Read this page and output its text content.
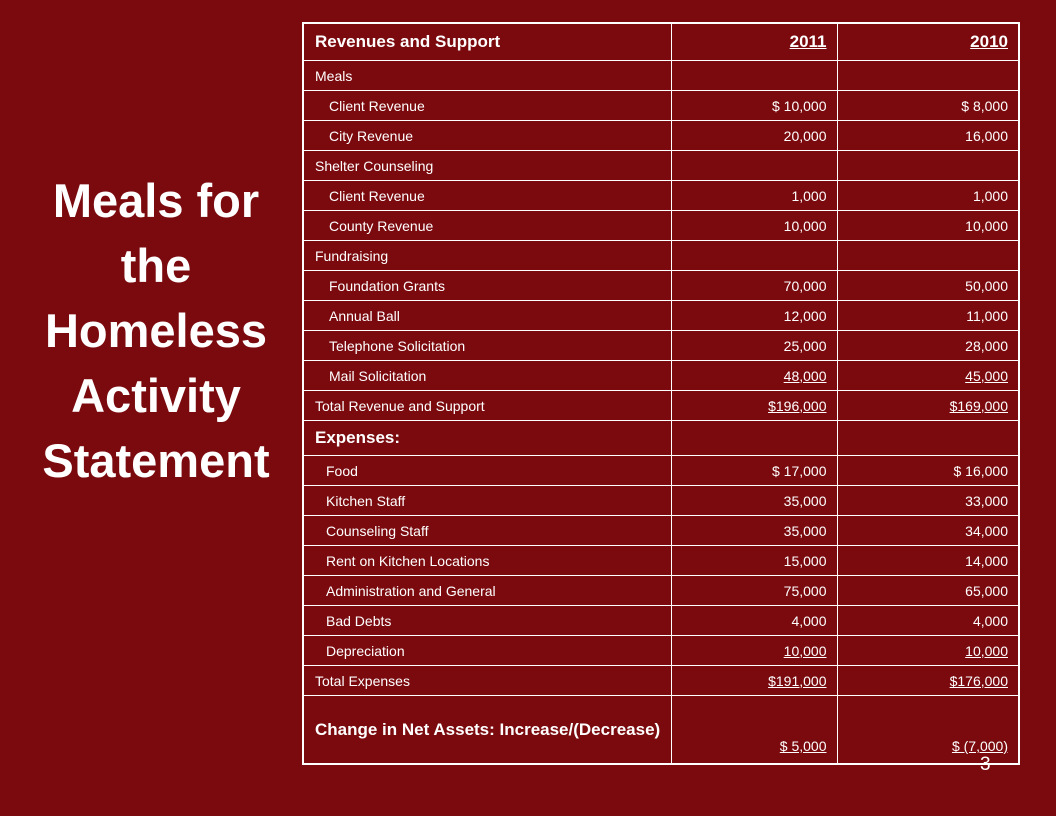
Meals for
the
Homeless
Activity
Statement
Revenues and Support	2011	2010
Meals		
Client Revenue	$ 10,000	$ 8,000
City Revenue	20,000	16,000
Shelter Counseling		
Client Revenue	1,000	1,000
County Revenue	10,000	10,000
Fundraising		
Foundation Grants	70,000	50,000
Annual Ball	12,000	11,000
Telephone Solicitation	25,000	28,000
Mail Solicitation	48,000	45,000
Total Revenue and Support	$196,000	$169,000
Expenses:		
Food	$ 17,000	$ 16,000
Kitchen Staff	35,000	33,000
Counseling Staff	35,000	34,000
Rent on Kitchen Locations	15,000	14,000
Administration and General	75,000	65,000
Bad Debts	4,000	4,000
Depreciation	10,000	10,000
Total Expenses	$191,000	$176,000
Change in Net Assets: Increase/(Decrease)	$ 5,000	$ (7,000)
3
